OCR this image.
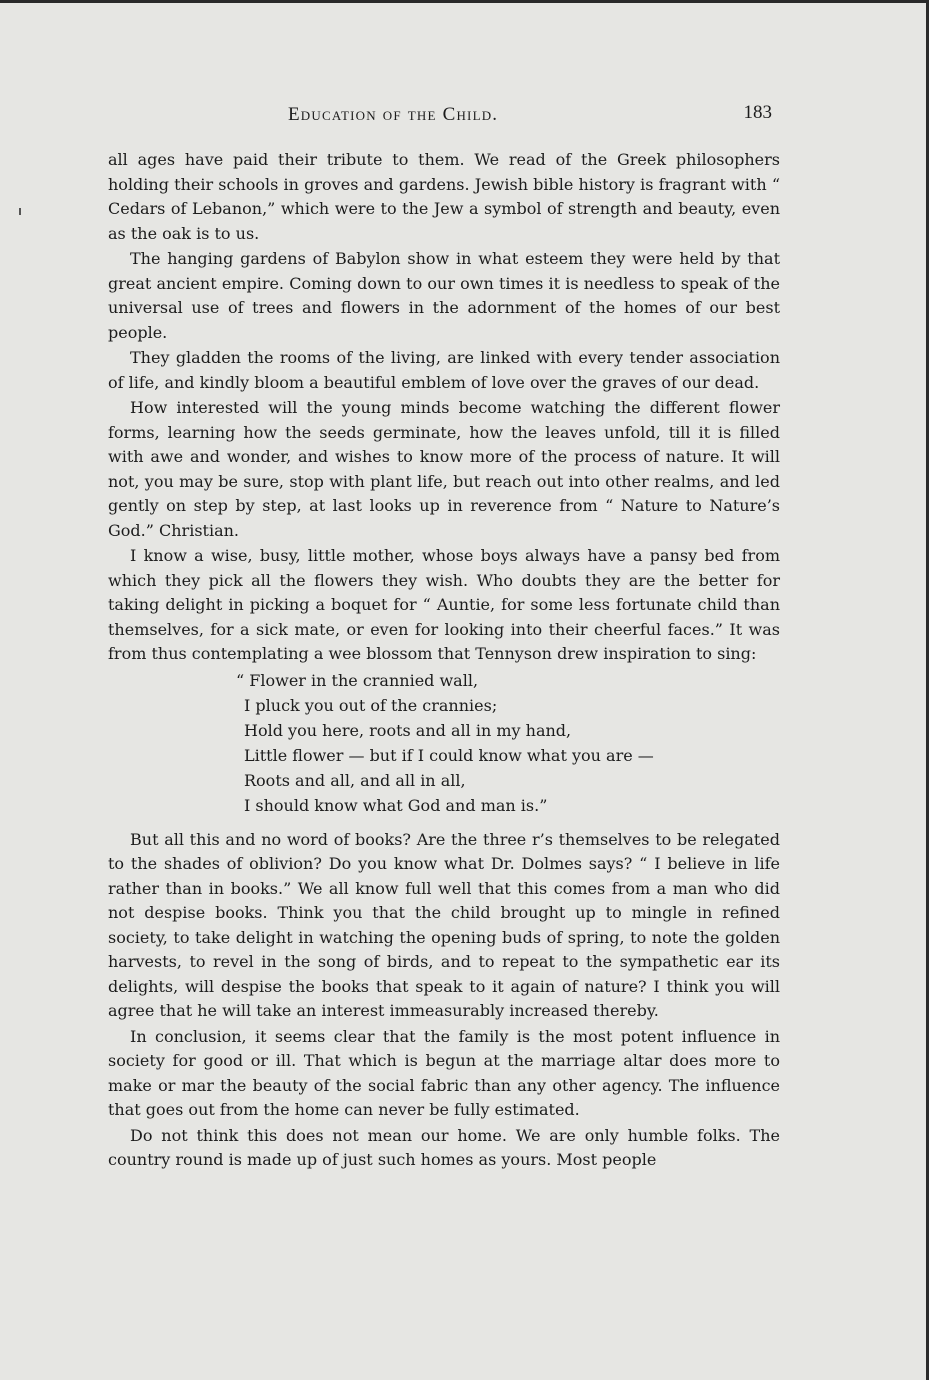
Education of the Child.	183

all ages have paid their tribute to them. We read of the Greek philosophers holding their schools in groves and gardens. Jewish bible history is fragrant with “ Cedars of Lebanon,” which were to the Jew a symbol of strength and beauty, even as the oak is to us.

The hanging gardens of Babylon show in what esteem they were held by that great ancient empire. Coming down to our own times it is needless to speak of the universal use of trees and flowers in the adornment of the homes of our best people.

They gladden the rooms of the living, are linked with every tender association of life, and kindly bloom a beautiful emblem of love over the graves of our dead.

How interested will the young minds become watching the different flower forms, learning how the seeds germinate, how the leaves unfold, till it is filled with awe and wonder, and wishes to know more of the process of nature. It will not, you may be sure, stop with plant life, but reach out into other realms, and led gently on step by step, at last looks up in reverence from “ Nature to Nature’s God.” Christian.

I know a wise, busy, little mother, whose boys always have a pansy bed from which they pick all the flowers they wish. Who doubts they are the better for taking delight in picking a boquet for “ Auntie, for some less fortunate child than themselves, for a sick mate, or even for looking into their cheerful faces.” It was from thus contemplating a wee blossom that Tennyson drew inspiration to sing:

“ Flower in the crannied wall,
I pluck you out of the crannies;
Hold you here, roots and all in my hand,
Little flower — but if I could know what you are —
Roots and all, and all in all,
I should know what God and man is.”

But all this and no word of books? Are the three r’s themselves to be relegated to the shades of oblivion? Do you know what Dr. Dolmes says? “ I believe in life rather than in books.” We all know full well that this comes from a man who did not despise books. Think you that the child brought up to mingle in refined society, to take delight in watching the opening buds of spring, to note the golden harvests, to revel in the song of birds, and to repeat to the sympathetic ear its delights, will despise the books that speak to it again of nature? I think you will agree that he will take an interest immeasurably increased thereby.

In conclusion, it seems clear that the family is the most potent influence in society for good or ill. That which is begun at the marriage altar does more to make or mar the beauty of the social fabric than any other agency. The influence that goes out from the home can never be fully estimated.

Do not think this does not mean our home. We are only humble folks. The country round is made up of just such homes as yours. Most people
